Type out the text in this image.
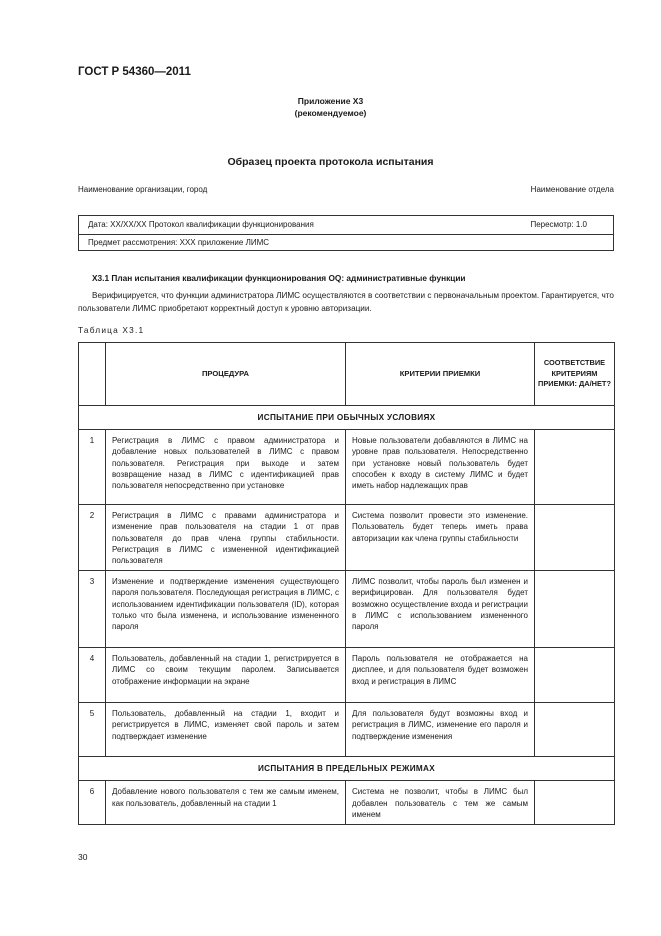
ГОСТ Р 54360—2011
Приложение Х3
(рекомендуемое)
Образец проекта протокола испытания
Наименование организации, город	Наименование отдела
Дата: XX/XX/XX Протокол квалификации функционирования	Пересмотр: 1.0
Предмет рассмотрения: XXX приложение ЛИМС
X3.1 План испытания квалификации функционирования OQ: административные функции
Верифицируется, что функции администратора ЛИМС осуществляются в соответствии с первоначальным проектом. Гарантируется, что пользователи ЛИМС приобретают корректный доступ к уровню авторизации.
Таблица X3.1
	ПРОЦЕДУРА	КРИТЕРИИ ПРИЕМКИ	СООТВЕТСТВИЕ КРИТЕРИЯМ ПРИЕМКИ: ДА/НЕТ?
ИСПЫТАНИЕ ПРИ ОБЫЧНЫХ УСЛОВИЯХ			
1	Регистрация в ЛИМС с правом администратора и добавление новых пользователей в ЛИМС с правом пользователя. Регистрация при выходе и затем возвращение назад в ЛИМС с идентификацией прав пользователя непосредственно при установке	Новые пользователи добавляются в ЛИМС на уровне прав пользователя. Непосредственно при установке новый пользователь будет способен к входу в систему ЛИМС и будет иметь набор надлежащих прав	
2	Регистрация в ЛИМС с правами администратора и изменение прав пользователя на стадии 1 от прав пользователя до прав члена группы стабильности. Регистрация в ЛИМС с измененной идентификацией пользователя	Система позволит провести это изменение. Пользователь будет теперь иметь права авторизации как члена группы стабильности	
3	Изменение и подтверждение изменения существующего пароля пользователя. Последующая регистрация в ЛИМС, с использованием идентификации пользователя (ID), которая только что была изменена, и использование измененного пароля	ЛИМС позволит, чтобы пароль был изменен и верифицирован. Для пользователя будет возможно осуществление входа и регистрации в ЛИМС с использованием измененного пароля	
4	Пользователь, добавленный на стадии 1, регистрируется в ЛИМС со своим текущим паролем. Записывается отображение информации на экране	Пароль пользователя не отображается на дисплее, и для пользователя будет возможен вход и регистрация в ЛИМС	
5	Пользователь, добавленный на стадии 1, входит и регистрируется в ЛИМС, изменяет свой пароль и затем подтверждает изменение	Для пользователя будут возможны вход и регистрация в ЛИМС, изменение его пароля и подтверждение изменения	
ИСПЫТАНИЯ В ПРЕДЕЛЬНЫХ РЕЖИМАХ			
6	Добавление нового пользователя с тем же самым именем, как пользователь, добавленный на стадии 1	Система не позволит, чтобы в ЛИМС был добавлен пользователь с тем же самым именем	
30
